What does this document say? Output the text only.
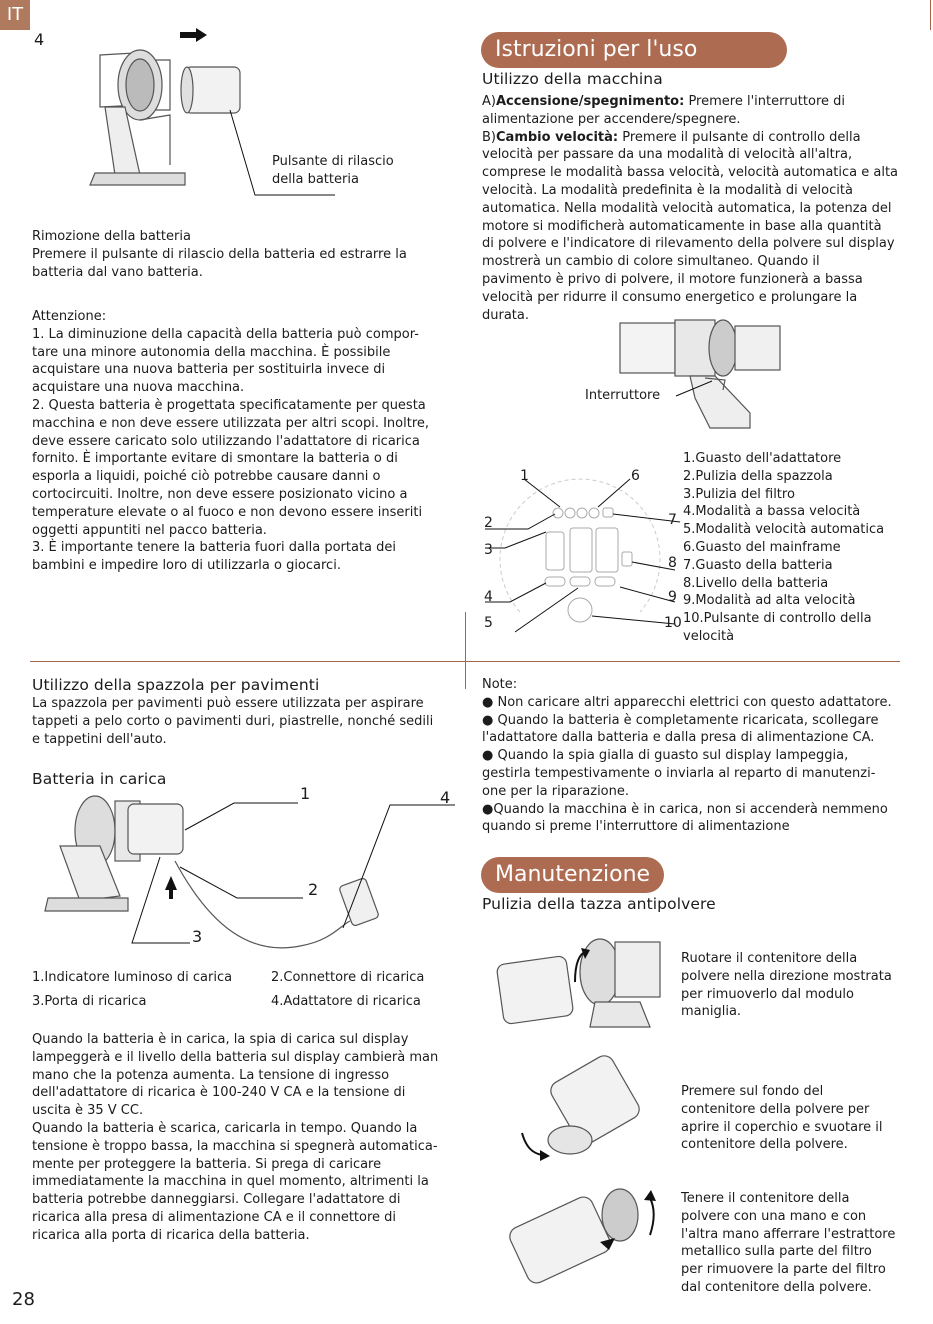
IT
4
Pulsante di rilascio
della batteria
Rimozione della batteria
Premere il pulsante di rilascio della batteria ed estrarre la
batteria dal vano batteria.
Attenzione:
1. La diminuzione della capacità della batteria può compor-
tare una minore autonomia della macchina. È possibile
acquistare una nuova batteria per sostituirla invece di
acquistare una nuova macchina.
2. Questa batteria è progettata specificatamente per questa
macchina e non deve essere utilizzata per altri scopi. Inoltre,
deve essere caricato solo utilizzando l'adattatore di ricarica
fornito. È importante evitare di smontare la batteria o di
esporla a liquidi, poiché ciò potrebbe causare danni o
cortocircuiti. Inoltre, non deve essere posizionato vicino a
temperature elevate o al fuoco e non devono essere inseriti
oggetti appuntiti nel pacco batteria.
3. È importante tenere la batteria fuori dalla portata dei
bambini e impedire loro di utilizzarla o giocarci.
Istruzioni per l'uso
Utilizzo della macchina
A)Accensione/spegnimento: Premere l'interruttore di
alimentazione per accendere/spegnere.
B)Cambio velocità: Premere il pulsante di controllo della
velocità per passare da una modalità di velocità all'altra,
comprese le modalità bassa velocità, velocità automatica e alta
velocità. La modalità predefinita è la modalità di velocità
automatica. Nella modalità velocità automatica, la potenza del
motore si modificherà automaticamente in base alla quantità
di polvere e l'indicatore di rilevamento della polvere sul display
mostrerà un cambio di colore simultaneo. Quando il
pavimento è privo di polvere, il motore funzionerà a bassa
velocità per ridurre il consumo energetico e prolungare la
durata.
Interruttore
1	6
2	7
3
8
4	9
5	10
1.Guasto dell'adattatore
2.Pulizia della spazzola
3.Pulizia del filtro
4.Modalità a bassa velocità
5.Modalità velocità automatica
6.Guasto del mainframe
7.Guasto della batteria
8.Livello della batteria
9.Modalità ad alta velocità
10.Pulsante di controllo della
velocità
Utilizzo della spazzola per pavimenti
La spazzola per pavimenti può essere utilizzata per aspirare
tappeti a pelo corto o pavimenti duri, piastrelle, nonché sedili
e tappetini dell'auto.
Batteria in carica
1	4
2
3
1.Indicatore luminoso di carica	2.Connettore di ricarica
3.Porta di ricarica	4.Adattatore di ricarica
Quando la batteria è in carica, la spia di carica sul display
lampeggerà e il livello della batteria sul display cambierà man
mano che la potenza aumenta. La tensione di ingresso
dell'adattatore di ricarica è 100-240 V CA e la tensione di
uscita è 35 V CC.
Quando la batteria è scarica, caricarla in tempo. Quando la
tensione è troppo bassa, la macchina si spegnerà automatica-
mente per proteggere la batteria. Si prega di caricare
immediatamente la macchina in quel momento, altrimenti la
batteria potrebbe danneggiarsi. Collegare l'adattatore di
ricarica alla presa di alimentazione CA e il connettore di
ricarica alla porta di ricarica della batteria.
28
Note:
● Non caricare altri apparecchi elettrici con questo adattatore.
● Quando la batteria è completamente ricaricata, scollegare
l'adattatore dalla batteria e dalla presa di alimentazione CA.
● Quando la spia gialla di guasto sul display lampeggia,
gestirla tempestivamente o inviarla al reparto di manutenzi-
one per la riparazione.
●Quando la macchina è in carica, non si accenderà nemmeno
quando si preme l'interruttore di alimentazione
Manutenzione
Pulizia della tazza antipolvere
Ruotare il contenitore della
polvere nella direzione mostrata
per rimuoverlo dal modulo
maniglia.
Premere sul fondo del
contenitore della polvere per
aprire il coperchio e svuotare il
contenitore della polvere.
Tenere il contenitore della
polvere con una mano e con
l'altra mano afferrare l'estrattore
metallico sulla parte del filtro
per rimuovere la parte del filtro
dal contenitore della polvere.
